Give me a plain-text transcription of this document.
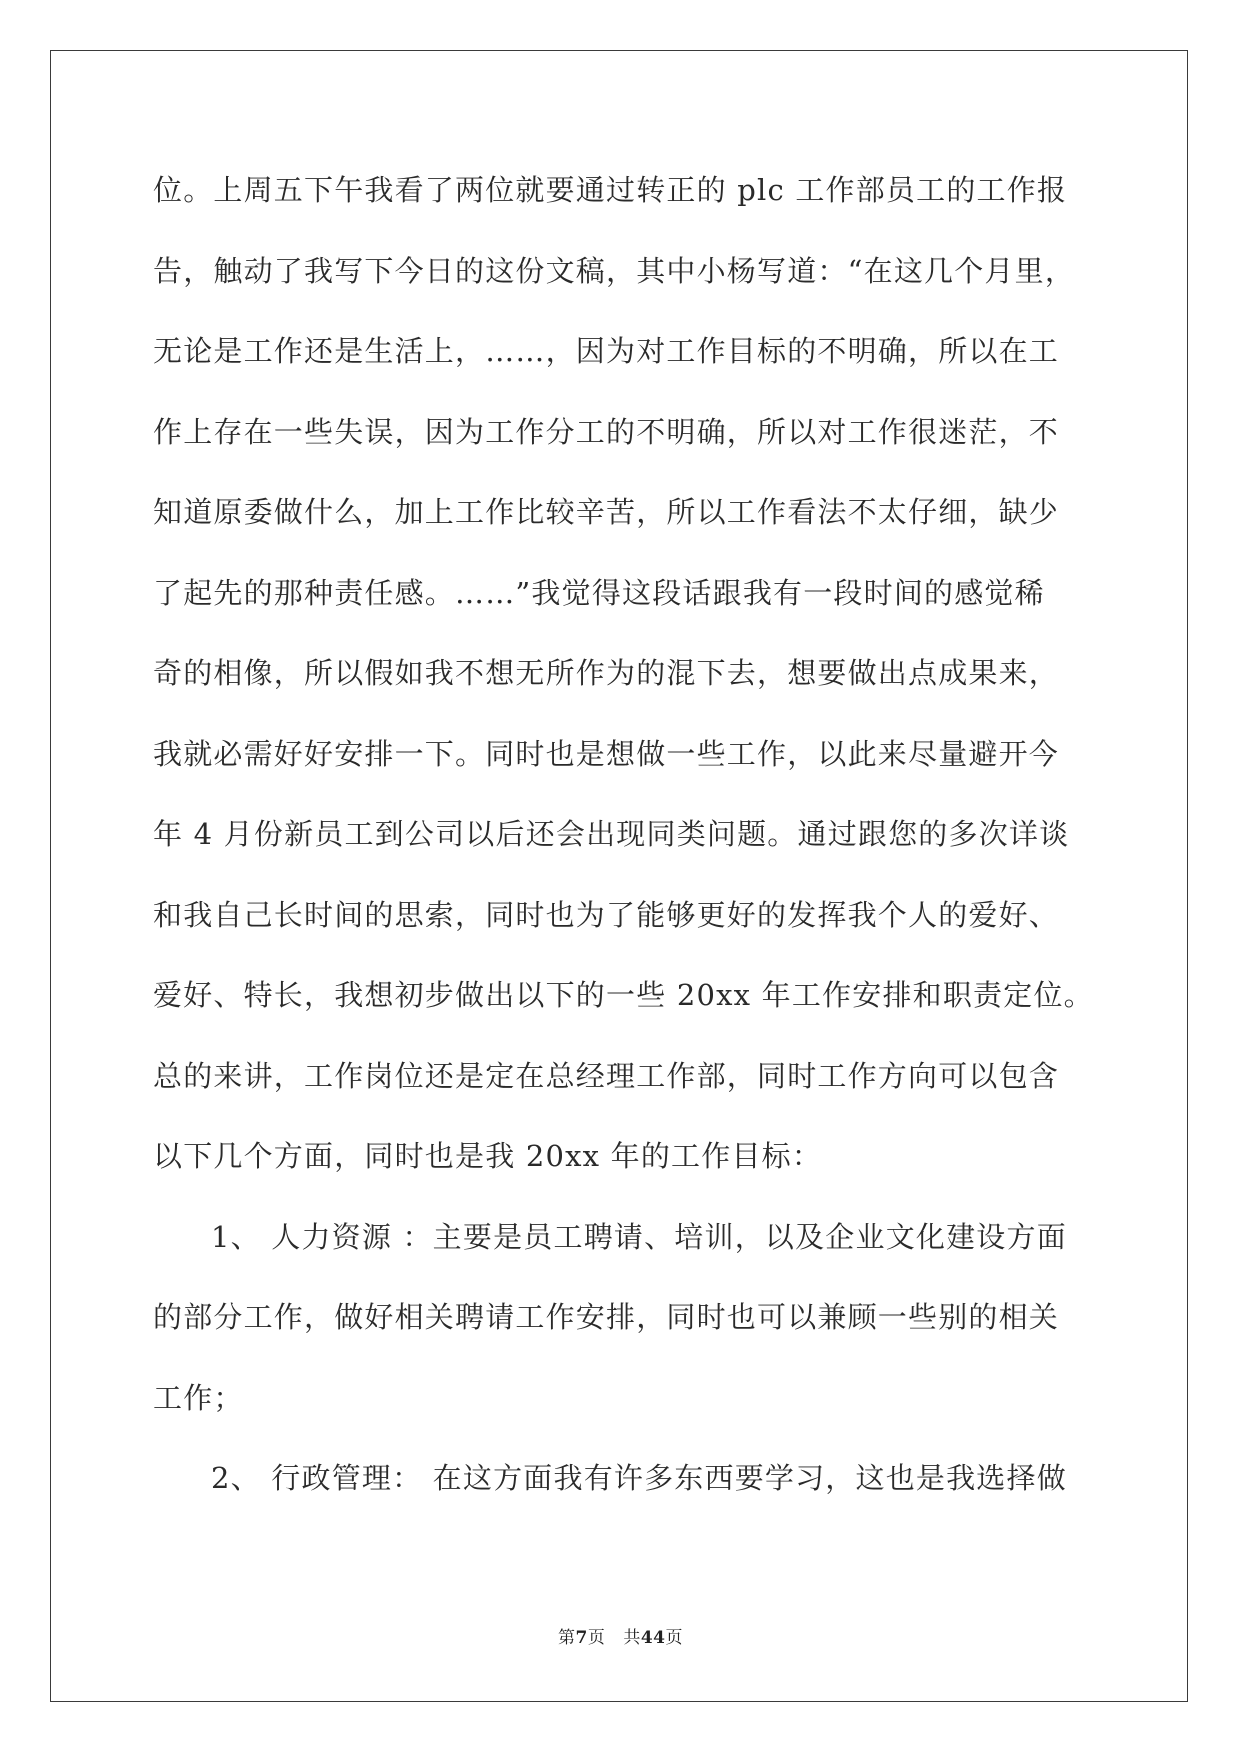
位。上周五下午我看了两位就要通过转正的 plc 工作部员工的工作报
告，触动了我写下今日的这份文稿，其中小杨写道：“在这几个月里，
无论是工作还是生活上，……，因为对工作目标的不明确，所以在工
作上存在一些失误，因为工作分工的不明确，所以对工作很迷茫，不
知道原委做什么，加上工作比较辛苦，所以工作看法不太仔细，缺少
了起先的那种责任感。……”我觉得这段话跟我有一段时间的感觉稀
奇的相像，所以假如我不想无所作为的混下去，想要做出点成果来，
我就必需好好安排一下。同时也是想做一些工作，以此来尽量避开今
年 4 月份新员工到公司以后还会出现同类问题。通过跟您的多次详谈
和我自己长时间的思索，同时也为了能够更好的发挥我个人的爱好、
爱好、特长，我想初步做出以下的一些 20xx 年工作安排和职责定位。
总的来讲，工作岗位还是定在总经理工作部，同时工作方向可以包含
以下几个方面，同时也是我 20xx 年的工作目标：
1、 人力资源 ：主要是员工聘请、培训，以及企业文化建设方面
的部分工作，做好相关聘请工作安排，同时也可以兼顾一些别的相关
工作；
2、 行政管理： 在这方面我有许多东西要学习，这也是我选择做
第7页 共44页
